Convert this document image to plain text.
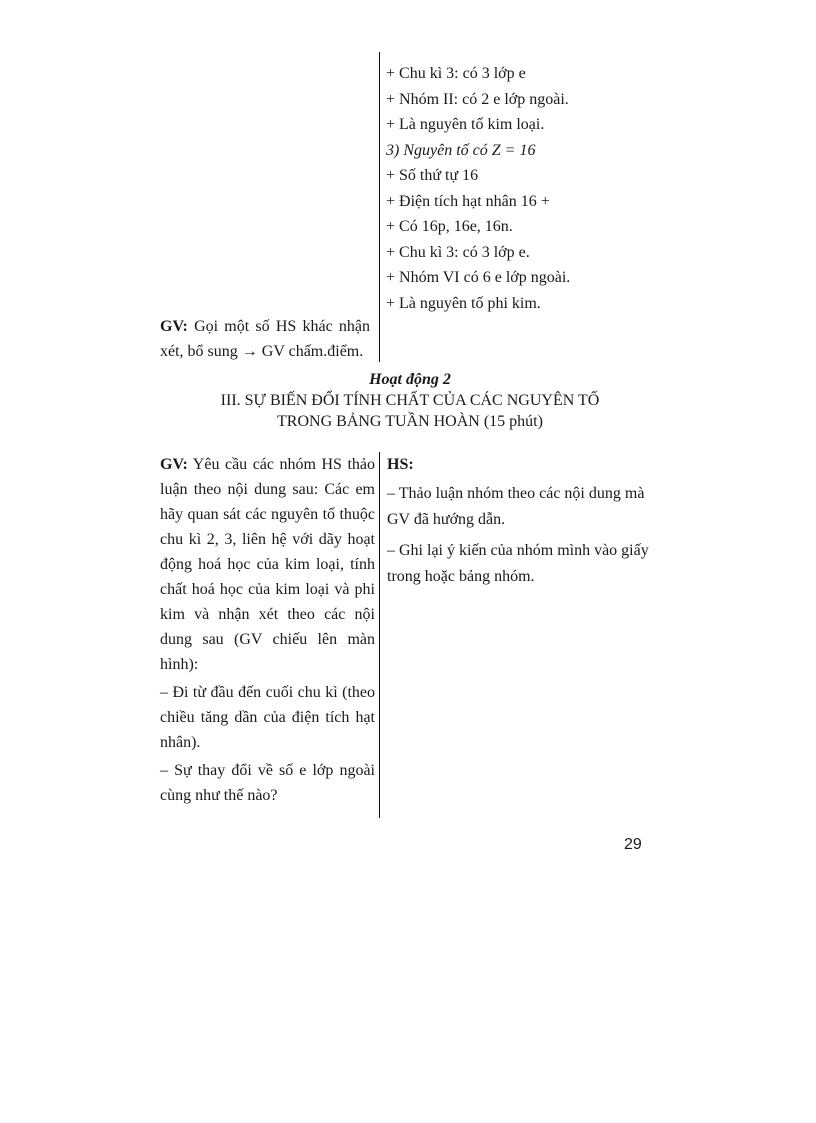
+ Chu kì 3: có 3 lớp e

+ Nhóm II: có 2 e lớp ngoài.

+ Là nguyên tố kim loại.

3) Nguyên tố có Z = 16

+ Số thứ tự 16

+ Điện tích hạt nhân 16 +

+ Có 16p, 16e, 16n.

+ Chu kì 3: có 3 lớp e.

+ Nhóm VI có 6 e lớp ngoài.

+ Là nguyên tố phi kim.

GV: Gọi một số HS khác nhận xét, bổ sung → GV chấm.điểm.

Hoạt động 2

III. SỰ BIẾN ĐỔI TÍNH CHẤT CỦA CÁC NGUYÊN TỐ

TRONG BẢNG TUẦN HOÀN (15 phút)

GV: Yêu cầu các nhóm HS thảo luận theo nội dung sau: Các em hãy quan sát các nguyên tố thuộc chu kì 2, 3, liên hệ với dãy hoạt động hoá học của kim loại, tính chất hoá học của kim loại và phi kim và nhận xét theo các nội dung sau (GV chiếu lên màn hình):

– Đi từ đầu đến cuối chu kì (theo chiều tăng dần của điện tích hạt nhân).

– Sự thay đổi về số e lớp ngoài cùng như thế nào?

HS:

– Thảo luận nhóm theo các nội dung mà GV đã hướng dẫn.

– Ghi lại ý kiến của nhóm mình vào giấy trong hoặc bảng nhóm.

29
